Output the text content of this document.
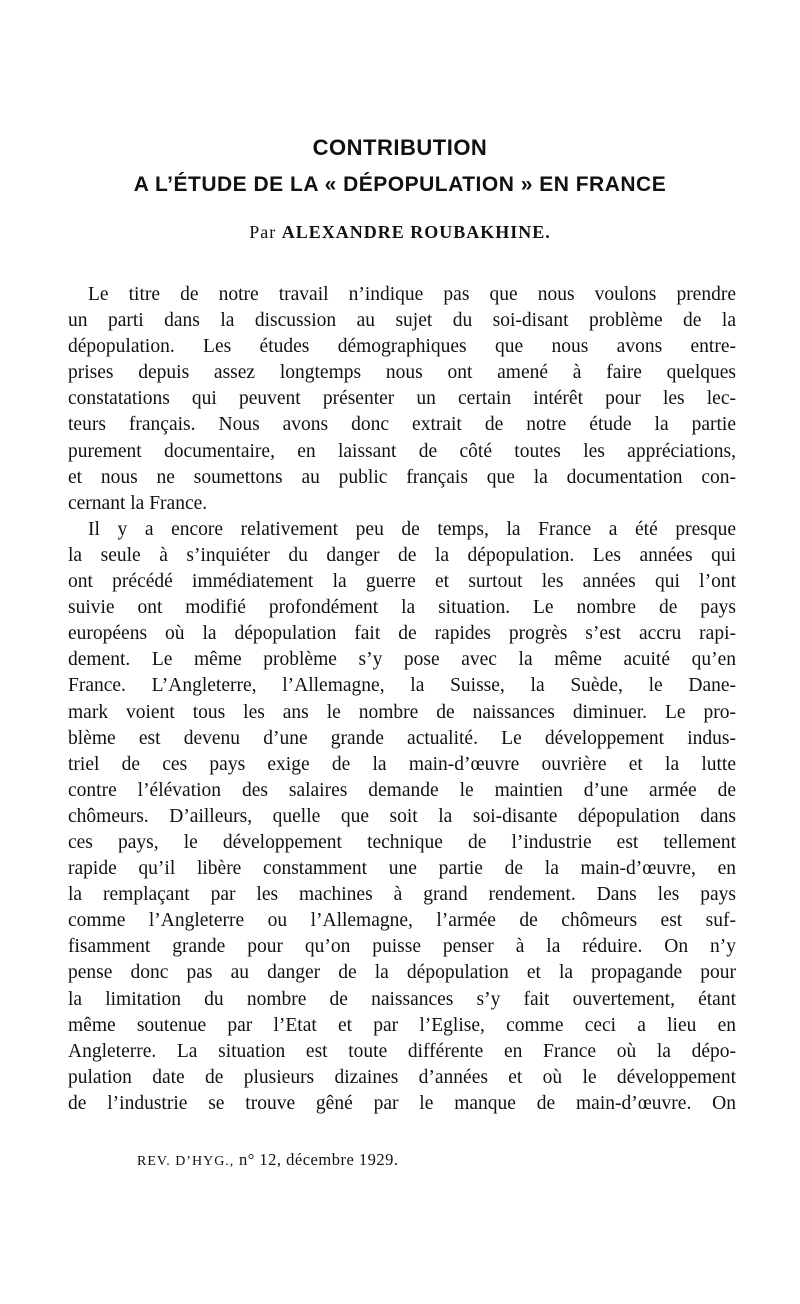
CONTRIBUTION
A L’ÉTUDE DE LA « DÉPOPULATION » EN FRANCE
Par ALEXANDRE ROUBAKHINE.
Le titre de notre travail n’indique pas que nous voulons prendre
un parti dans la discussion au sujet du soi-disant problème de la
dépopulation. Les études démographiques que nous avons entre-
prises depuis assez longtemps nous ont amené à faire quelques
constatations qui peuvent présenter un certain intérêt pour les lec-
teurs français. Nous avons donc extrait de notre étude la partie
purement documentaire, en laissant de côté toutes les appréciations,
et nous ne soumettons au public français que la documentation con-
cernant la France.
Il y a encore relativement peu de temps, la France a été presque
la seule à s’inquiéter du danger de la dépopulation. Les années qui
ont précédé immédiatement la guerre et surtout les années qui l’ont
suivie ont modifié profondément la situation. Le nombre de pays
européens où la dépopulation fait de rapides progrès s’est accru rapi-
dement. Le même problème s’y pose avec la même acuité qu’en
France. L’Angleterre, l’Allemagne, la Suisse, la Suède, le Dane-
mark voient tous les ans le nombre de naissances diminuer. Le pro-
blème est devenu d’une grande actualité. Le développement indus-
triel de ces pays exige de la main-d’œuvre ouvrière et la lutte
contre l’élévation des salaires demande le maintien d’une armée de
chômeurs. D’ailleurs, quelle que soit la soi-disante dépopulation dans
ces pays, le développement technique de l’industrie est tellement
rapide qu’il libère constamment une partie de la main-d’œuvre, en
la remplaçant par les machines à grand rendement. Dans les pays
comme l’Angleterre ou l’Allemagne, l’armée de chômeurs est suf-
fisamment grande pour qu’on puisse penser à la réduire. On n’y
pense donc pas au danger de la dépopulation et la propagande pour
la limitation du nombre de naissances s’y fait ouvertement, étant
même soutenue par l’Etat et par l’Eglise, comme ceci a lieu en
Angleterre. La situation est toute différente en France où la dépo-
pulation date de plusieurs dizaines d’années et où le développement
de l’industrie se trouve gêné par le manque de main-d’œuvre. On
REV. D’HYG., n° 12, décembre 1929.
